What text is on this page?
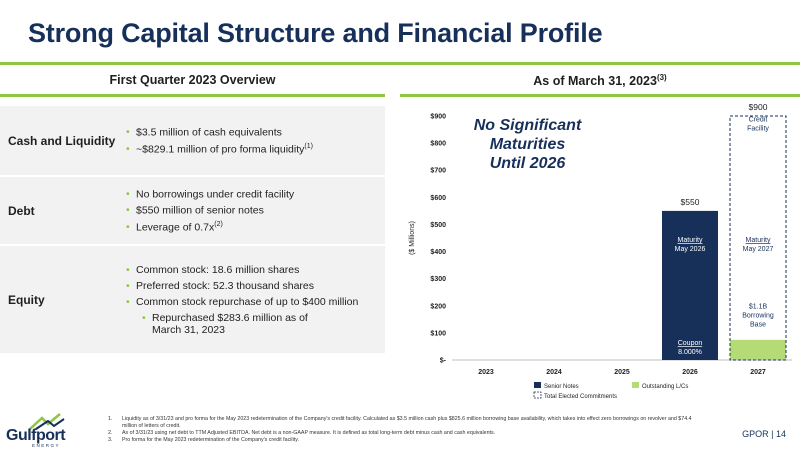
Strong Capital Structure and Financial Profile
First Quarter 2023 Overview	As of March 31, 2023$^{(3)}$
Cash and Liquidity
• $3.5 million of cash equivalents
• ~$829.1 million of pro forma liquidity$^{(1)}$
Debt
• No borrowings under credit facility
• $550 million of senior notes
• Leverage of $0.7x^{(2)}$
Equity
• Common stock: 18.6 million shares
• Preferred stock: 52.3 thousand shares
• Common stock repurchase of up to $400 million
• Repurchased $283.6 million as of
March 31, 2023
($ Millions)
$-
$100
$200
$300
$400
$500
$600
$700
$800
$900
2023	2024	2025	2026	2027
$550
$900
Maturity
May 2026
Coupon
8.000%
Credit
Facility
Maturity
May 2027
$1.1B
Borrowing
Base
Senior Notes	Outstanding L/Cs
Total Elected Commitments
No Significant
Maturities
Until 2026
1.	Liquidity as of 3/31/23 and pro forma for the May 2023 redetermination of the Company's credit facility. Calculated as $3.5 million cash plus $825.6 million borrowing base availability, which takes into effect zero borrowings on revolver and $74.4 million of letters of credit.
2.	As of 3/31/23 using net debt to TTM Adjusted EBITDA. Net debt is a non-GAAP measure. It is defined as total long-term debt minus cash and cash equivalents.
3.	Pro forma for the May 2023 redetermination of the Company's credit facility.
Gulfport
ENERGY
GPOR | 14
